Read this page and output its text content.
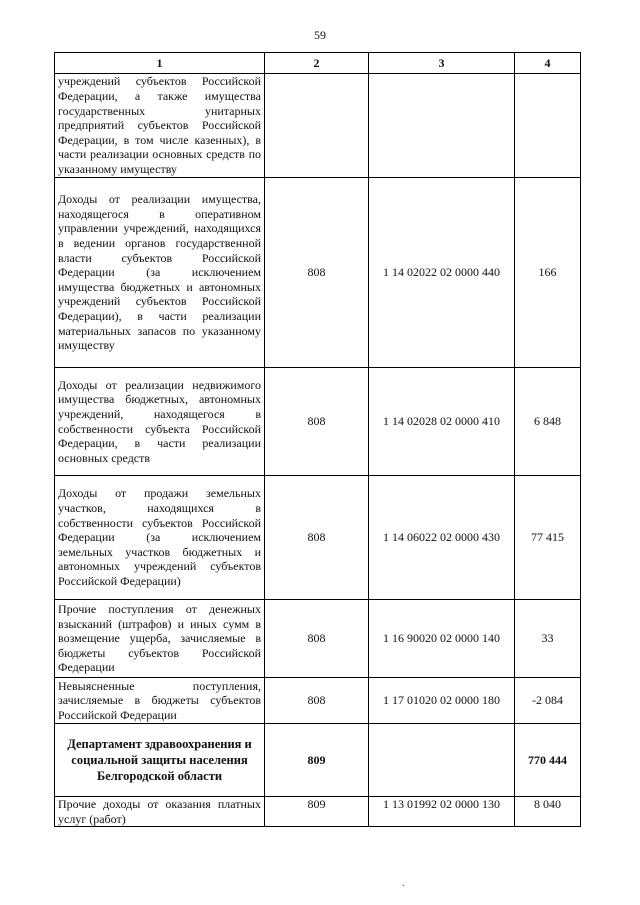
59
1	2	3	4
учреждений субъектов Российской Федерации, а также имущества государственных унитарных предприятий субъектов Российской Федерации, в том числе казенных), в части реализации основных средств по указанному имуществу			
Доходы от реализации имущества, находящегося в оперативном управлении учреждений, находящихся в ведении органов государственной власти субъектов Российской Федерации (за исключением имущества бюджетных и автономных учреждений субъектов Российской Федерации), в части реализации материальных запасов по указанному имуществу	808	1 14 02022 02 0000 440	166
Доходы от реализации недвижимого имущества бюджетных, автономных учреждений, находящегося в собственности субъекта Российской Федерации, в части реализации основных средств	808	1 14 02028 02 0000 410	6 848
Доходы от продажи земельных участков, находящихся в собственности субъектов Российской Федерации (за исключением земельных участков бюджетных и автономных учреждений субъектов Российской Федерации)	808	1 14 06022 02 0000 430	77 415
Прочие поступления от денежных взысканий (штрафов) и иных сумм в возмещение ущерба, зачисляемые в бюджеты субъектов Российской Федерации	808	1 16 90020 02 0000 140	33
Невыясненные поступления, зачисляемые в бюджеты субъектов Российской Федерации	808	1 17 01020 02 0000 180	-2 084
Департамент здравоохранения и социальной защиты населения Белгородской области	809		770 444
Прочие доходы от оказания платных услуг (работ)	809	1 13 01992 02 0000 130	8 040
.
